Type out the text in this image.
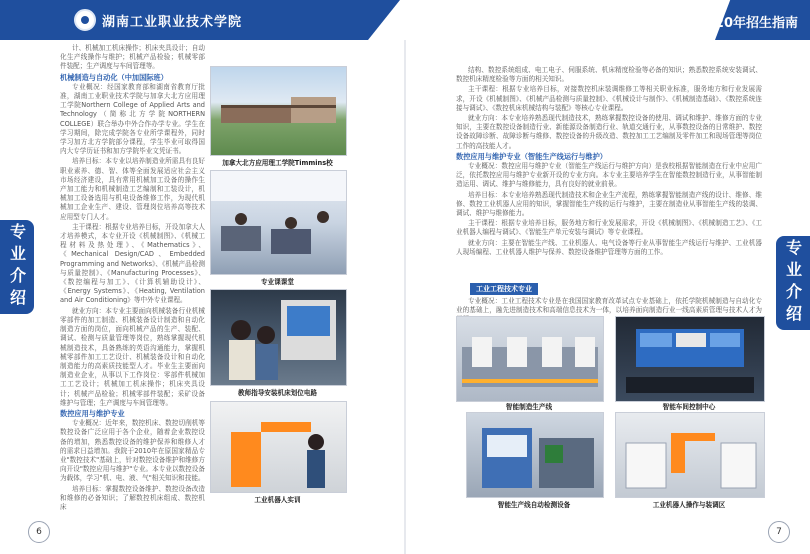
湖南工业职业技术学院	2020年招生指南
专业介绍	专业介绍

计、机械加工机床操作；机床夹具设计；自动化生产线操作与维护；机械产品检验；机械零部件装配；生产调度与车间管理等。

机械制造与自动化（中加国际班）

专业概况：经国家教育部和湖南省教育厅批准，湖南工业职业技术学院与加拿大北方应用理工学院Northern College of Applied Arts and Technology（简称北方学院NORTHERN COLLEGE）联合举办中外合作办学专业。学生在学习期间，除完成学院各专业所学课程外，同时学习加方北方学院部分课程，学生毕业可取得国内大专学历证书和加方学院毕业文凭证书。

培养目标：本专业以培养制造业所需具有良好职业素养、德、智、体等全面发展适应社会主义市场经济建设，具有常用机械加工设备的操作生产加工能力和机械制造工艺编制和工装设计，机械加工设备选用与机电设备维修工作，为现代机械加工企业生产、建设、管理岗位培养高等技术应用型专门人才。

主干课程：根据专业培养目标，开设加拿大人才培养模式，本专业开设《机械制图》、《机械工程材料及热处理》、《Mathematics》、《Mechanical Design/CAD、Embedded Programming and Networks》、《机械产品检测与质量控制》、《Manufacturing Processes》、《数控编程与加工》、《计算机辅助设计》、《Energy Systems》、《Heating, Ventilation and Air Conditioning》等中外专业课程。

就业方向：本专业主要面向机械装备行业机械零部件的加工制造、机械装备设计制造和自动化制造方面的岗位，面向机械产品的生产、装配、调试、检测与质量管理等岗位，熟练掌握现代机械制造技术，具备熟练的英语沟通能力，掌握机械零部件加工工艺设计、机械装备设计和自动化制造能力的高素质技能型人才。毕业生主要面向制造业企业，从事以下工作岗位：零部件机械加工工艺设计；机械加工机床操作；机床夹具设计；机械产品检验；机械零部件装配；采矿设备维护与管理；生产调度与车间管理等。

数控应用与维护专业

专业概况：近年来，数控机床、数控切削机等数控设备广泛应用于各个企业，随着企业数控设备的增加，熟悉数控设备的维护保养和维修人才的需求日益增加。我院于2010年在原国家精品专业"数控技术"基础上，针对数控设备维护和维修方向开设"数控应用与维护"专业。本专业以数控设备为载体，学习"机、电、液、气"相关知识和技能。

培养目标：掌握数控设备维护、数控设备改造和维修的必备知识；了解数控机床组成、数控机床

加拿大北方应用理工学院Timmins校
专业课课堂
教师指导安装机床划位电路
工业机器人实训
6

结构、数控系统组成、电工电子、伺服系统、机床精度检验等必备的知识；熟悉数控系统安装调试、数控机床精度检验等方面的相关知识。

主干课程：根据专业培养目标，对接数控机床装调维修工等相关职业标准，服务地方和行业发展需求，开设《机械制图》、《机械产品检测与质量控制》、《机械设计与制作》、《机械制造基础》、《数控系统连接与调试》、《数控机床机械结构与装配》等核心专业课程。

就业方向：本专业培养熟悉现代制造技术，熟练掌握数控设备的使用、调试和维护、维修方面的专业知识，主要在数控设备制造行业、新能源设备制造行业、轨道交通行业，从事数控设备的日常维护、数控设备故障诊断、故障诊断与维修、数控设备的升级改造、数控加工工艺编制及零件加工和现场管理等岗位工作的高技能人才。

数控应用与维护专业（智能生产线运行与维护）

专业概况：数控应用与维护专业（智能生产线运行与维护方向）是我校根据智能制造在行业中应用广泛，依托数控应用与维护专业新开设的专业方向。本专业主要培养学生在智能数控制造行业，从事智能制造运用、调试、维护与维修能力，具有良好的就业前景。

培养目标：本专业培养熟悉现代制造技术和企业生产流程，熟练掌握智能制造产线的设计、维修、维修、数控工业机器人应用的知识，掌握智能生产线的运行与维护，主要在制造业从事智能生产线的装调、调试、维护与维修能力。

主干课程：根据专业培养目标，服务地方和行业发展需求，开设《机械制图》、《机械制造工艺》、《工业机器人编程与调试》、《智能生产单元安装与调试》等专业课程。

就业方向：主要在智能生产线、工业机器人、电气设备等行业从事智能生产线运行与维护、工业机器人现场编程、工业机器人维护与保养、数控设备维护管理等方面的工作。

工业工程技术专业

专业概况：工业工程技术专业是在我国国家教育改革试点专业基础上，依托学院机械制造与自动化专业的基础上，融先进制造技术和高端信息技术为一体，以培养面向制造行业一线高素质管理与技术人才为

智能制造生产线	智能车间控制中心
智能生产线自动检测设备	工业机器人操作与装调区
7
